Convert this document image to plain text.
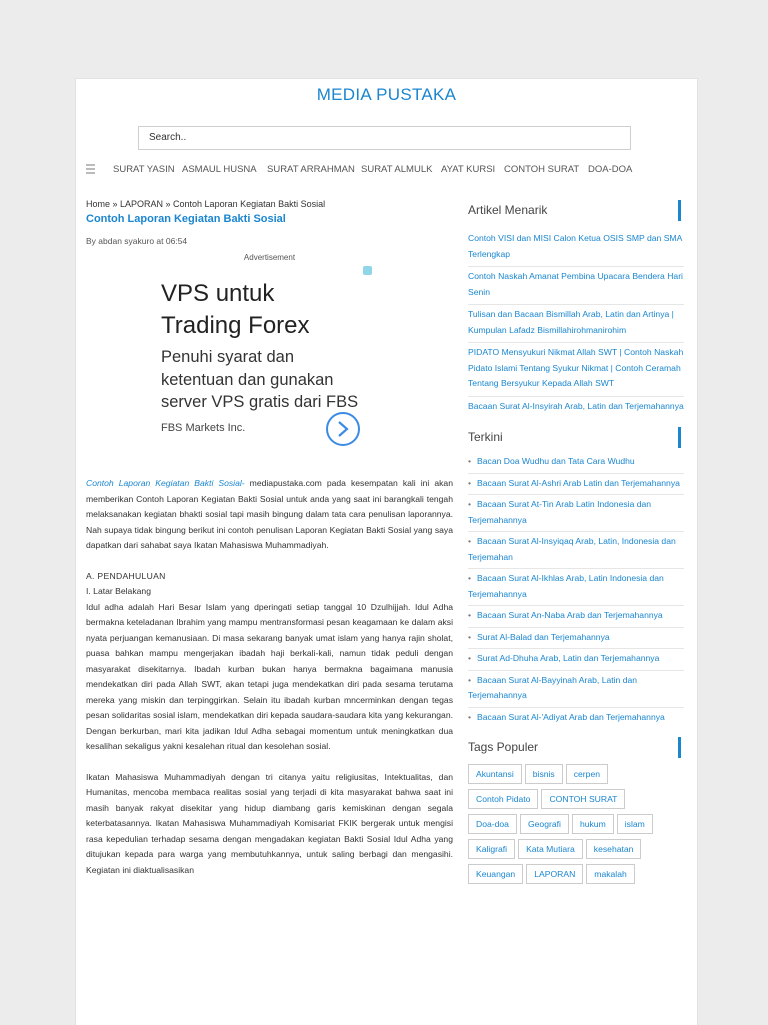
MEDIA PUSTAKA
Search..
SURAT YASIN ASMAUL HUSNA SURAT ARRAHMAN SURAT ALMULK AYAT KURSI CONTOH SURAT DOA-DOA
Home » LAPORAN » Contoh Laporan Kegiatan Bakti Sosial
Contoh Laporan Kegiatan Bakti Sosial
By abdan syakuro at 06:54
Advertisement
VPS untuk
Trading Forex
Penuhi syarat dan
ketentuan dan gunakan
server VPS gratis dari FBS
FBS Markets Inc.

Contoh Laporan Kegiatan Bakti Sosial- mediapustaka.com pada kesempatan kali ini akan memberikan Contoh Laporan Kegiatan Bakti Sosial untuk anda yang saat ini barangkali tengah melaksanakan kegiatan bhakti sosial tapi masih bingung dalam tata cara penulisan laporannya. Nah supaya tidak bingung berikut ini contoh penulisan Laporan Kegiatan Bakti Sosial yang saya dapatkan dari sahabat saya Ikatan Mahasiswa Muhammadiyah.

A. PENDAHULUAN
I. Latar Belakang

Idul adha adalah Hari Besar Islam yang dperingati setiap tanggal 10 Dzulhijjah. Idul Adha bermakna keteladanan Ibrahim yang mampu mentransformasi pesan keagamaan ke dalam aksi nyata perjuangan kemanusiaan. Di masa sekarang banyak umat islam yang hanya rajin sholat, puasa bahkan mampu mengerjakan ibadah haji berkali-kali, namun tidak peduli dengan masyarakat disekitarnya. Ibadah kurban bukan hanya bermakna bagaimana manusia mendekatkan diri pada Allah SWT, akan tetapi juga mendekatkan diri pada sesama terutama mereka yang miskin dan terpinggirkan. Selain itu ibadah kurban mncerminkan dengan tegas pesan solidaritas sosial islam, mendekatkan diri kepada saudara-saudara kita yang kekurangan. Dengan berkurban, mari kita jadikan Idul Adha sebagai momentum untuk meningkatkan dua kesalihan sekaligus yakni kesalehan ritual dan kesolehan sosial.

Ikatan Mahasiswa Muhammadiyah dengan tri citanya yaitu religiusitas, Intektualitas, dan Humanitas, mencoba membaca realitas sosial yang terjadi di kita masyarakat bahwa saat ini masih banyak rakyat disekitar yang hidup diambang garis kemiskinan dengan segala keterbatasannya. Ikatan Mahasiswa Muhammadiyah Komisariat FKIK bergerak untuk mengisi rasa kepedulian terhadap sesama dengan mengadakan kegiatan Bakti Sosial Idul Adha yang ditujukan kepada para warga yang membutuhkannya, untuk saling berbagi dan mengasihi. Kegiatan ini diaktualisasikan

Artikel Menarik
Contoh VISI dan MISI Calon Ketua OSIS SMP dan SMA Terlengkap
Contoh Naskah Amanat Pembina Upacara Bendera Hari Senin
Tulisan dan Bacaan Bismillah Arab, Latin dan Artinya | Kumpulan Lafadz Bismillahirohmanirohim
PIDATO Mensyukuri Nikmat Allah SWT | Contoh Naskah Pidato Islami Tentang Syukur Nikmat | Contoh Ceramah Tentang Bersyukur Kepada Allah SWT
Bacaan Surat Al-Insyirah Arab, Latin dan Terjemahannya
Terkini
• Bacan Doa Wudhu dan Tata Cara Wudhu
• Bacaan Surat Al-Ashri Arab Latin dan Terjemahannya
• Bacaan Surat At-Tin Arab Latin Indonesia dan Terjemahannya
• Bacaan Surat Al-Insyiqaq Arab, Latin, Indonesia dan Terjemahan
• Bacaan Surat Al-Ikhlas Arab, Latin Indonesia dan Terjemahannya
• Bacaan Surat An-Naba Arab dan Terjemahannya
• Surat Al-Balad dan Terjemahannya
• Surat Ad-Dhuha Arab, Latin dan Terjemahannya
• Bacaan Surat Al-Bayyinah Arab, Latin dan Terjemahannya
• Bacaan Surat Al-'Adiyat Arab dan Terjemahannya
Tags Populer
Akuntansi	bisnis	cerpen
Contoh Pidato	CONTOH SURAT
Doa-doa	Geografi	hukum	islam
Kaligrafi	Kata Mutiara	kesehatan
Keuangan	LAPORAN	makalah
